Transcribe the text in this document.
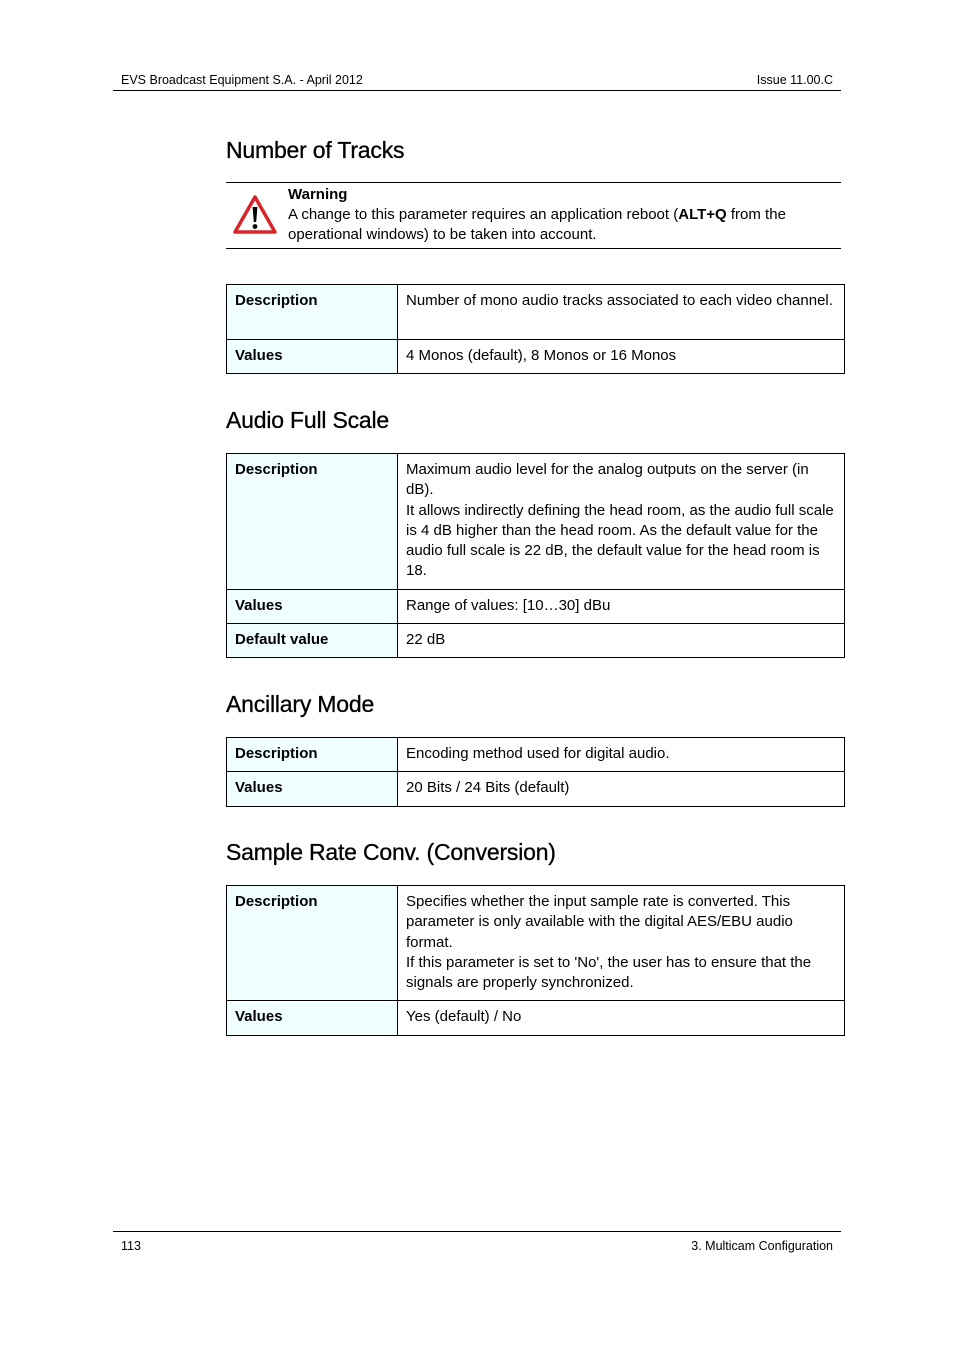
EVS Broadcast Equipment S.A. - April 2012	Issue 11.00.C
Number of Tracks
Warning
A change to this parameter requires an application reboot (ALT+Q from the operational windows) to be taken into account.
Description	Number of mono audio tracks associated to each video channel.
Values	4 Monos (default), 8 Monos or 16 Monos
Audio Full Scale
Description	Maximum audio level for the analog outputs on the server (in dB).
It allows indirectly defining the head room, as the audio full scale is 4 dB higher than the head room. As the default value for the audio full scale is 22 dB, the default value for the head room is 18.

Values	Range of values: [10…30] dBu
Default value	22 dB
Ancillary Mode
Description	Encoding method used for digital audio.
Values	20 Bits / 24 Bits (default)
Sample Rate Conv. (Conversion)
Description	Specifies whether the input sample rate is converted. This parameter is only available with the digital AES/EBU audio format.
If this parameter is set to 'No', the user has to ensure that the signals are properly synchronized.

Values	Yes (default) / No
113	3. Multicam Configuration
